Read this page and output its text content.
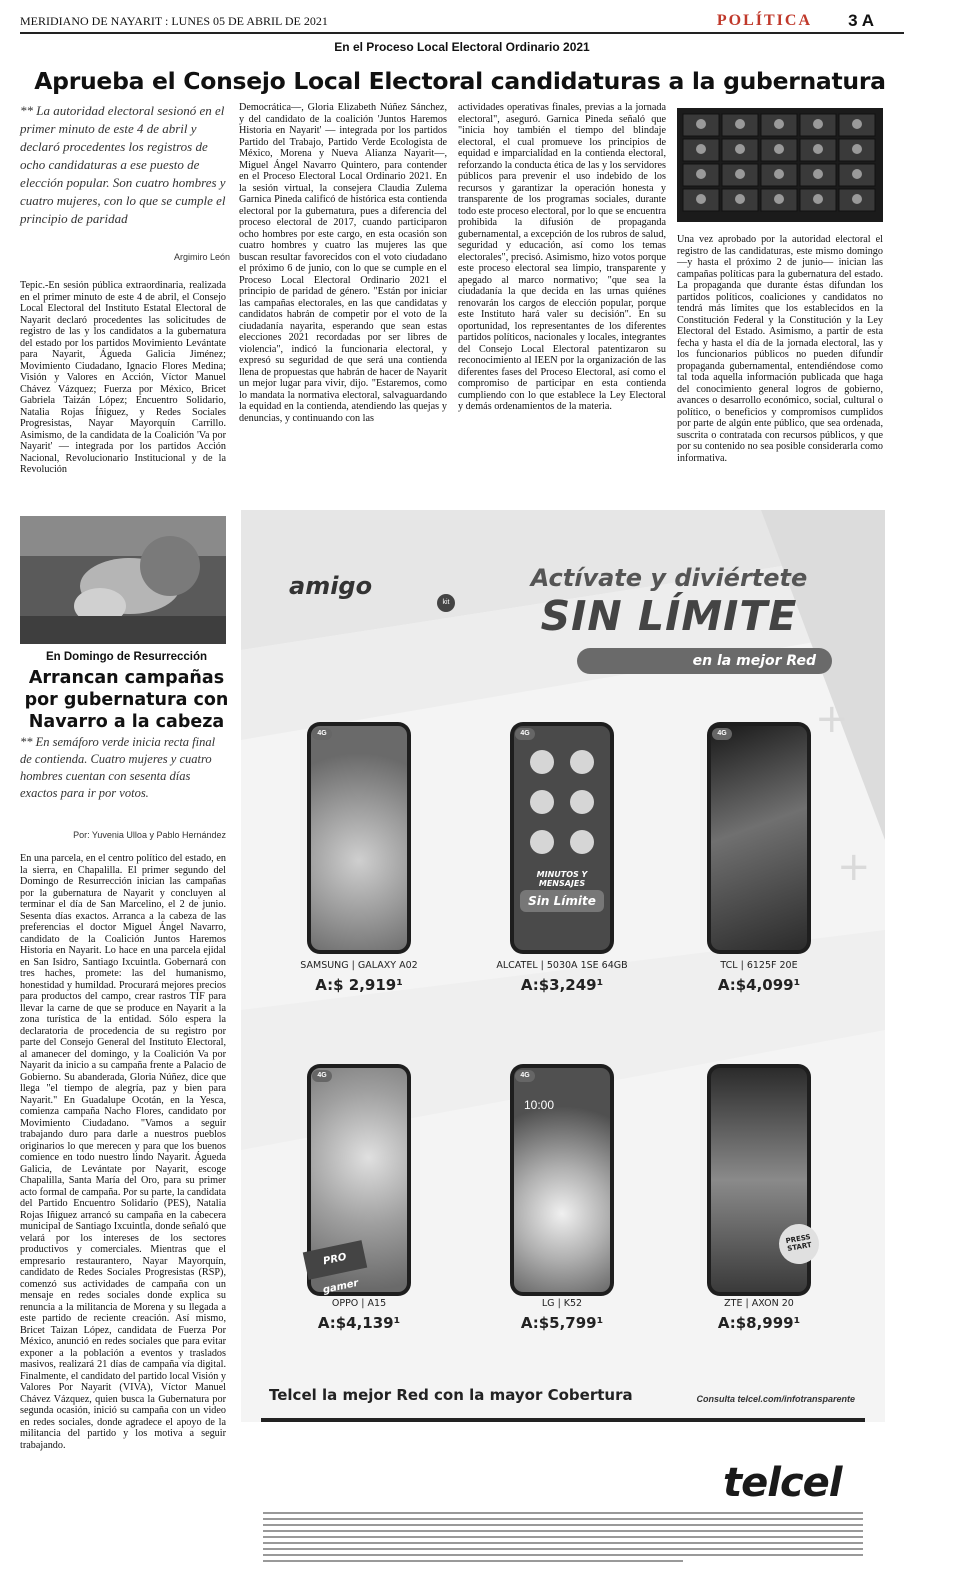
MERIDIANO DE NAYARIT : LUNES 05 DE ABRIL DE 2021	POLÍTICA 3 A
En el Proceso Local Electoral Ordinario 2021
Aprueba el Consejo Local Electoral candidaturas a la gubernatura
** La autoridad electoral sesionó en el primer minuto de este 4 de abril y declaró procedentes los registros de ocho candidaturas a ese puesto de elección popular. Son cuatro hombres y cuatro mujeres, con lo que se cumple el principio de paridad
Argimiro León

Tepic.-En sesión pública extraordinaria, realizada en el primer minuto de este 4 de abril, el Consejo Local Electoral del Instituto Estatal Electoral de Nayarit declaró procedentes las solicitudes de registro de las y los candidatos a la gubernatura del estado por los partidos Movimiento Levántate para Nayarit, Águeda Galicia Jiménez; Movimiento Ciudadano, Ignacio Flores Medina; Visión y Valores en Acción, Víctor Manuel Chávez Vázquez; Fuerza por México, Bricet Gabriela Taizán López; Encuentro Solidario, Natalia Rojas Íñiguez, y Redes Sociales Progresistas, Nayar Mayorquín Carrillo. Asimismo, de la candidata de la Coalición 'Va por Nayarit' — integrada por los partidos Acción Nacional, Revolucionario Institucional y de la Revolución

Democrática—, Gloria Elizabeth Núñez Sánchez, y del candidato de la coalición 'Juntos Haremos Historia en Nayarit' — integrada por los partidos Partido del Trabajo, Partido Verde Ecologista de México, Morena y Nueva Alianza Nayarit—, Miguel Ángel Navarro Quintero, para contender en el Proceso Electoral Local Ordinario 2021. En la sesión virtual, la consejera Claudia Zulema Garnica Pineda calificó de histórica esta contienda electoral por la gubernatura, pues a diferencia del proceso electoral de 2017, cuando participaron ocho hombres por este cargo, en esta ocasión son cuatro hombres y cuatro las mujeres las que buscan resultar favorecidos con el voto ciudadano el próximo 6 de junio, con lo que se cumple en el Proceso Local Electoral Ordinario 2021 el principio de paridad de género. "Están por iniciar las campañas electorales, en las que candidatas y candidatos habrán de competir por el voto de la ciudadanía nayarita, esperando que sean estas elecciones 2021 recordadas por ser libres de violencia", indicó la funcionaria electoral, y expresó su seguridad de que será una contienda llena de propuestas que habrán de hacer de Nayarit un mejor lugar para vivir, dijo. "Estaremos, como lo mandata la normativa electoral, salvaguardando la equidad en la contienda, atendiendo las quejas y denuncias, y continuando con las

actividades operativas finales, previas a la jornada electoral", aseguró. Garnica Pineda señaló que "inicia hoy también el tiempo del blindaje electoral, el cual promueve los principios de equidad e imparcialidad en la contienda electoral, reforzando la conducta ética de las y los servidores públicos para prevenir el uso indebido de los recursos y garantizar la operación honesta y transparente de los programas sociales, durante todo este proceso electoral, por lo que se encuentra prohibida la difusión de propaganda gubernamental, a excepción de los rubros de salud, seguridad y educación, así como los temas electorales", precisó. Asimismo, hizo votos porque este proceso electoral sea limpio, transparente y apegado al marco normativo; "que sea la ciudadanía la que decida en las urnas quiénes renovarán los cargos de elección popular, porque este Instituto hará valer su decisión". En su oportunidad, los representantes de los diferentes partidos políticos, nacionales y locales, integrantes del Consejo Local Electoral patentizaron su reconocimiento al IEEN por la organización de las diferentes fases del Proceso Electoral, así como el compromiso de participar en esta contienda cumpliendo con lo que establece la Ley Electoral y demás ordenamientos de la materia.

Una vez aprobado por la autoridad electoral el registro de las candidaturas, este mismo domingo —y hasta el próximo 2 de junio— inician las campañas políticas para la gubernatura del estado. La propaganda que durante éstas difundan los partidos políticos, coaliciones y candidatos no tendrá más límites que los establecidos en la Constitución Federal y la Constitución y la Ley Electoral del Estado. Asimismo, a partir de esta fecha y hasta el día de la jornada electoral, las y los funcionarios públicos no pueden difundir propaganda gubernamental, entendiéndose como tal toda aquella información publicada que haga del conocimiento general logros de gobierno, avances o desarrollo económico, social, cultural o político, o beneficios y compromisos cumplidos por parte de algún ente público, que sea ordenada, suscrita o contratada con recursos públicos, y que por su contenido no sea posible considerarla como informativa.

En Domingo de Resurrección
Arrancan campañas por gubernatura con Navarro a la cabeza
** En semáforo verde inicia recta final de contienda. Cuatro mujeres y cuatro hombres cuentan con sesenta días exactos para ir por votos.
Por: Yuvenia Ulloa y Pablo Hernández

En una parcela, en el centro político del estado, en la sierra, en Chapalilla. El primer segundo del Domingo de Resurrección inician las campañas por la gubernatura de Nayarit y concluyen al terminar el día de San Marcelino, el 2 de junio. Sesenta días exactos. Arranca a la cabeza de las preferencias el doctor Miguel Ángel Navarro, candidato de la Coalición Juntos Haremos Historia en Nayarit. Lo hace en una parcela ejidal en San Isidro, Santiago Ixcuintla. Gobernará con tres haches, promete: las del humanismo, honestidad y humildad. Procurará mejores precios para productos del campo, crear rastros TIF para llevar la carne de que se produce en Nayarit a la zona turística de la entidad. Sólo espera la declaratoria de procedencia de su registro por parte del Consejo General del Instituto Electoral, al amanecer del domingo, y la Coalición Va por Nayarit da inicio a su campaña frente a Palacio de Gobierno. Su abanderada, Gloria Núñez, dice que llega "el tiempo de alegría, paz y bien para Nayarit." En Guadalupe Ocotán, en la Yesca, comienza campaña Nacho Flores, candidato por Movimiento Ciudadano. "Vamos a seguir trabajando duro para darle a nuestros pueblos originarios lo que merecen y para que los buenos comience en todo nuestro lindo Nayarit. Águeda Galicia, de Levántate por Nayarit, escoge Chapalilla, Santa María del Oro, para su primer acto formal de campaña. Por su parte, la candidata del Partido Encuentro Solidario (PES), Natalia Rojas Iñiguez arrancó su campaña en la cabecera municipal de Santiago Ixcuintla, donde señaló que velará por los intereses de los sectores productivos y comerciales. Mientras que el empresario restaurantero, Nayar Mayorquín, candidato de Redes Sociales Progresistas (RSP), comenzó sus actividades de campaña con un mensaje en redes sociales donde explica su renuncia a la militancia de Morena y su llegada a este partido de reciente creación. Así mismo, Bricet Taizan López, candidata de Fuerza Por México, anunció en redes sociales que para evitar exponer a la población a eventos y traslados masivos, realizará 21 días de campaña vía digital. Finalmente, el candidato del partido local Visión y Valores Por Nayarit (VIVA), Víctor Manuel Chávez Vázquez, quien busca la Gubernatura por segunda ocasión, inició su campaña con un video en redes sociales, donde agradece el apoyo de la militancia del partido y los motiva a seguir trabajando.

+
+
amigo
kit
Actívate y diviértete
SIN LÍMITE
♡♡♡♡
en la mejor Red
4G	4G
MINUTOS Y MENSAJES
Sin Límite
4G
SAMSUNG | GALAXY A02
A:$ 2,919¹
ALCATEL | 5030A 1SE 64GB
A:$3,249¹
TCL | 6125F 20E
A:$4,099¹
4G
PRO gamer
4G
10:00
PRESS START
OPPO | A15
A:$4,139¹
LG | K52
A:$5,799¹
ZTE | AXON 20
A:$8,999¹
Telcel la mejor Red con la mayor Cobertura	Consulta telcel.com/infotransparente
telcel
